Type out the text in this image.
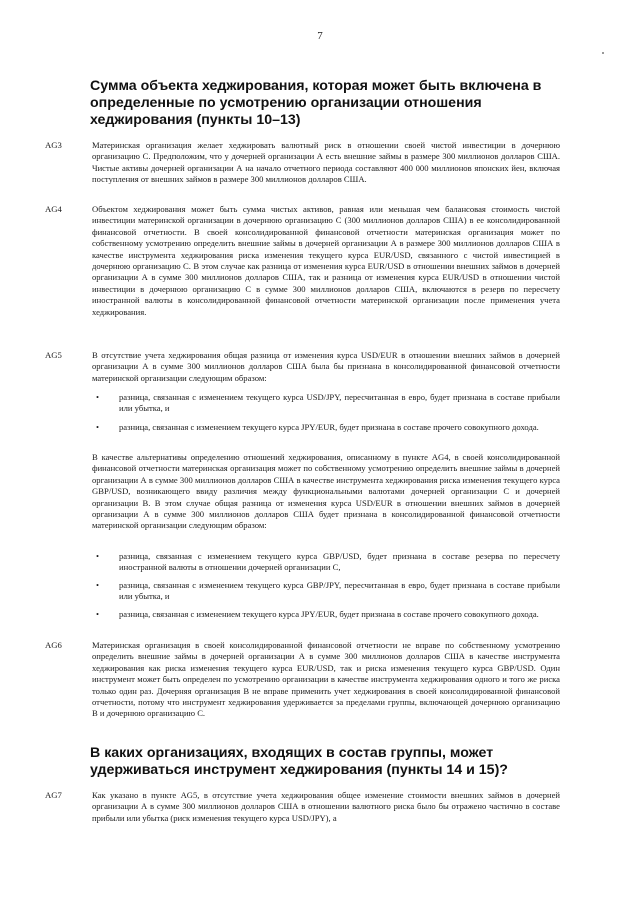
7
Сумма объекта хеджирования, которая может быть включена в определенные по усмотрению организации отношения хеджирования (пункты 10–13)
AG3	Материнская организация желает хеджировать валютный риск в отношении своей чистой инвестиции в дочернюю организацию С. Предположим, что у дочерней организации А есть внешние займы в размере 300 миллионов долларов США. Чистые активы дочерней организации А на начало отчетного периода составляют 400 000 миллионов японских йен, включая поступления от внешних займов в размере 300 миллионов долларов США.

AG4	Объектом хеджирования может быть сумма чистых активов, равная или меньшая чем балансовая стоимость чистой инвестиции материнской организации в дочернюю организацию С (300 миллионов долларов США) в ее консолидированной финансовой отчетности. В своей консолидированной финансовой отчетности материнская организация может по собственному усмотрению определить внешние займы в дочерней организации А в размере 300 миллионов долларов США в качестве инструмента хеджирования риска изменения текущего курса EUR/USD, связанного с чистой инвестицией в дочернюю организацию С. В этом случае как разница от изменения курса EUR/USD в отношении внешних займов в дочерней организации А в сумме 300 миллионов долларов США, так и разница от изменения курса EUR/USD в отношении чистой инвестиции в дочернюю организацию С в сумме 300 миллионов долларов США, включаются в резерв по пересчету иностранной валюты в консолидированной финансовой отчетности материнской организации после применения учета хеджирования.

AG5	В отсутствие учета хеджирования общая разница от изменения курса USD/EUR в отношении внешних займов в дочерней организации А в сумме 300 миллионов долларов США была бы признана в консолидированной финансовой отчетности материнской организации следующим образом:

• разница, связанная с изменением текущего курса USD/JPY, пересчитанная в евро, будет признана в составе прибыли или убытка, и

• разница, связанная с изменением текущего курса JPY/EUR, будет признана в составе прочего совокупного дохода.

В качестве альтернативы определению отношений хеджирования, описанному в пункте AG4, в своей консолидированной финансовой отчетности материнская организация может по собственному усмотрению определить внешние займы в дочерней организации А в сумме 300 миллионов долларов США в качестве инструмента хеджирования риска изменения текущего курса GBP/USD, возникающего ввиду различия между функциональными валютами дочерней организации С и дочерней организации В. В этом случае общая разница от изменения курса USD/EUR в отношении внешних займов в дочерней организации А в сумме 300 миллионов долларов США будет признана в консолидированной финансовой отчетности материнской организации следующим образом:

• разница, связанная с изменением текущего курса GBP/USD, будет признана в составе резерва по пересчету иностранной валюты в отношении дочерней организации С,

• разница, связанная с изменением текущего курса GBP/JPY, пересчитанная в евро, будет признана в составе прибыли или убытка, и

• разница, связанная с изменением текущего курса JPY/EUR, будет признана в составе прочего совокупного дохода.

AG6	Материнская организация в своей консолидированной финансовой отчетности не вправе по собственному усмотрению определить внешние займы в дочерней организации А в сумме 300 миллионов долларов США в качестве инструмента хеджирования как риска изменения текущего курса EUR/USD, так и риска изменения текущего курса GBP/USD. Один инструмент может быть определен по усмотрению организации в качестве инструмента хеджирования одного и того же риска только один раз. Дочерняя организация В не вправе применить учет хеджирования в своей консолидированной финансовой отчетности, потому что инструмент хеджирования удерживается за пределами группы, включающей дочернюю организацию В и дочернюю организацию С.

В каких организациях, входящих в состав группы, может удерживаться инструмент хеджирования (пункты 14 и 15)?
AG7	Как указано в пункте AG5, в отсутствие учета хеджирования общее изменение стоимости внешних займов в дочерней организации А в сумме 300 миллионов долларов США в отношении валютного риска было бы отражено частично в составе прибыли или убытка (риск изменения текущего курса USD/JPY), а
